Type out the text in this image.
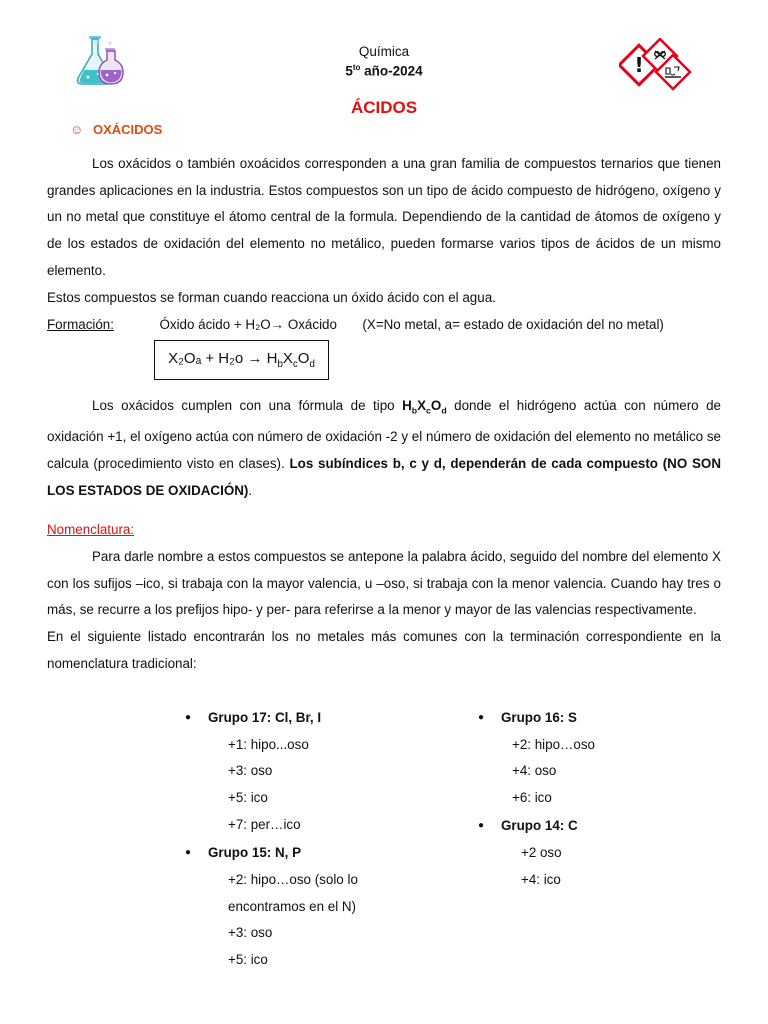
!
Química
$5^{to}$ año-2024
ÁCIDOS
☺ OXÁCIDOS

Los oxácidos o también oxoácidos corresponden a una gran familia de compuestos ternarios que tienen grandes aplicaciones en la industria. Estos compuestos son un tipo de ácido compuesto de hidrógeno, oxígeno y un no metal que constituye el átomo central de la formula. Dependiendo de la cantidad de átomos de oxígeno y de los estados de oxidación del elemento no metálico, pueden formarse varios tipos de ácidos de un mismo elemento.

Estos compuestos se forman cuando reacciona un óxido ácido con el agua.

Formación:	Óxido ácido + H₂O→ Oxácido (X=No metal, a= estado de oxidación del no metal)
$X_2O_a + H_2o \to H_bX_cO_d$

Los oxácidos cumplen con una fórmula de tipo $H_bX_cO_d$ donde el hidrógeno actúa con número de oxidación +1, el oxígeno actúa con número de oxidación -2 y el número de oxidación del elemento no metálico se calcula (procedimiento visto en clases). Los subíndices b, c y d, dependerán de cada compuesto (NO SON LOS ESTADOS DE OXIDACIÓN).

Nomenclatura:

Para darle nombre a estos compuestos se antepone la palabra ácido, seguido del nombre del elemento X con los sufijos –ico, si trabaja con la mayor valencia, u –oso, si trabaja con la menor valencia. Cuando hay tres o más, se recurre a los prefijos hipo- y per- para referirse a la menor y mayor de las valencias respectivamente.

En el siguiente listado encontrarán los no metales más comunes con la terminación correspondiente en la nomenclatura tradicional:

● Grupo 17: Cl, Br, I
+1: hipo...oso
+3: oso
+5: ico
+7: per…ico
● Grupo 15: N, P
+2: hipo…oso (solo lo
encontramos en el N)
+3: oso
+5: ico
● Grupo 16: S
+2: hipo…oso
+4: oso
+6: ico
● Grupo 14: C
+2 oso
+4: ico
